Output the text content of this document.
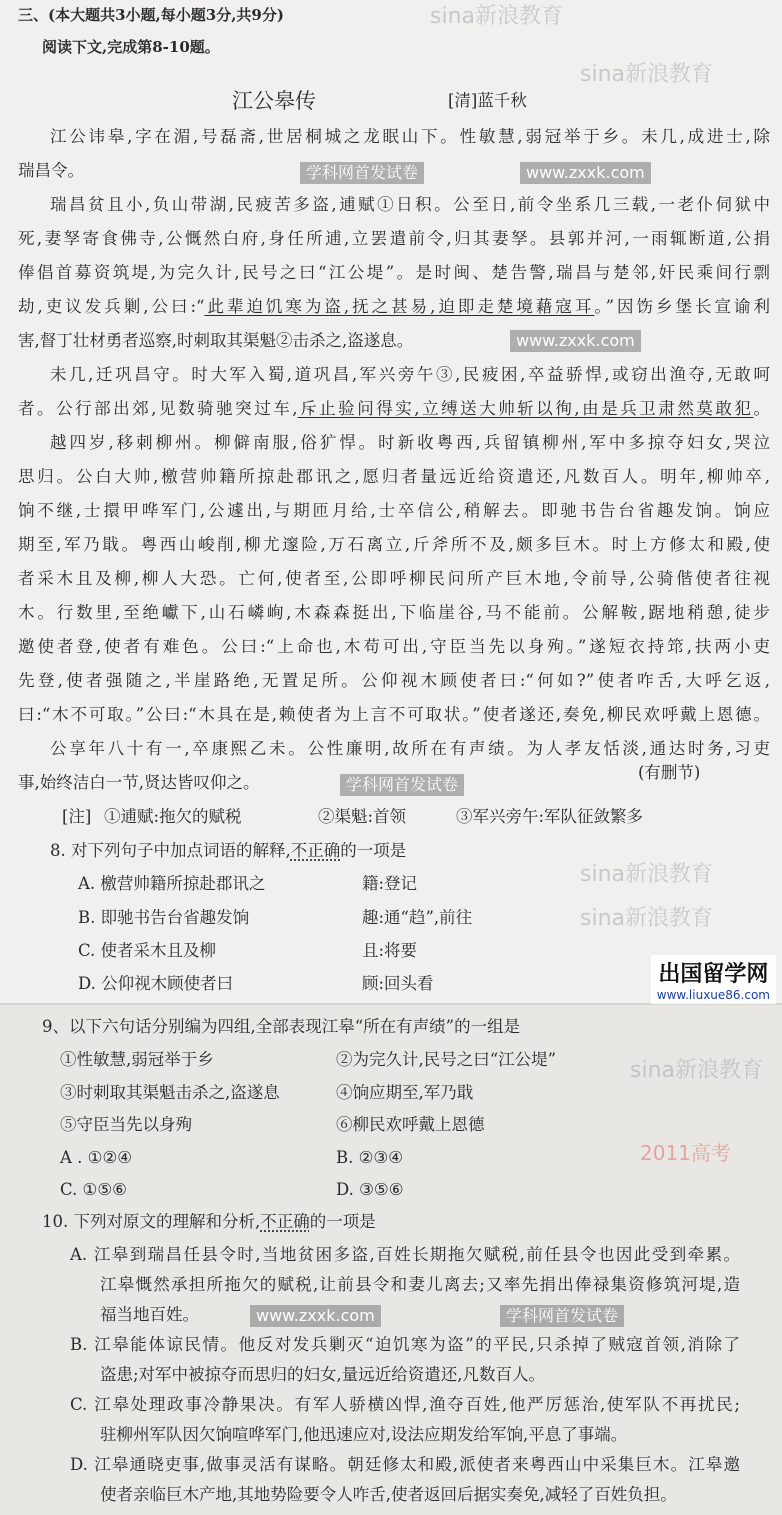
三、(本大题共3小题,每小题3分,共9分)
阅读下文,完成第8-10题。
江公皋传	[清]蓝千秋
江公讳皋,字在湄,号磊斋,世居桐城之龙眠山下。性敏慧,弱冠举于乡。未几,成进士,除
瑞昌令。
瑞昌贫且小,负山带湖,民疲苦多盗,逋赋①日积。公至日,前令坐系几三载,一老仆伺狱中
死,妻孥寄食佛寺,公慨然白府,身任所逋,立罢遣前令,归其妻孥。县郭并河,一雨辄断道,公捐
俸倡首募资筑堤,为完久计,民号之曰“江公堤”。是时闽、楚告警,瑞昌与楚邻,奸民乘间行剽
劫,吏议发兵剿,公曰:“此辈迫饥寒为盗,抚之甚易,迫即走楚境藉寇耳。”因饬乡堡长宣谕利
害,督丁壮材勇者巡察,时刺取其渠魁②击杀之,盗遂息。
未几,迁巩昌守。时大军入蜀,道巩昌,军兴旁午③,民疲困,卒益骄悍,或窃出渔夺,无敢呵
者。公行部出郊,见数骑驰突过车,斥止验问得实,立缚送大帅斩以徇,由是兵卫肃然莫敢犯。
越四岁,移刺柳州。柳僻南服,俗犷悍。时新收粤西,兵留镇柳州,军中多掠夺妇女,哭泣
思归。公白大帅,檄营帅籍所掠赴郡讯之,愿归者量远近给资遣还,凡数百人。明年,柳帅卒,
饷不继,士擐甲哗军门,公遽出,与期匝月给,士卒信公,稍解去。即驰书告台省趣发饷。饷应
期至,军乃戢。粤西山峻削,柳尤邃险,万石离立,斤斧所不及,颇多巨木。时上方修太和殿,使
者采木且及柳,柳人大恐。亡何,使者至,公即呼柳民问所产巨木地,令前导,公骑偕使者往视
木。行数里,至绝巘下,山石嶙峋,木森森挺出,下临崖谷,马不能前。公解鞍,踞地稍憩,徒步
邀使者登,使者有难色。公曰:“上命也,木苟可出,守臣当先以身殉。”遂短衣持筇,扶两小吏
先登,使者强随之,半崖路绝,无置足所。公仰视木顾使者曰:“何如?”使者咋舌,大呼乞返,
曰:“木不可取。”公曰:“木具在是,赖使者为上言不可取状。”使者遂还,奏免,柳民欢呼戴上恩德。
公享年八十有一,卒康熙乙未。公性廉明,故所在有声绩。为人孝友恬淡,通达时务,习吏
事,始终洁白一节,贤达皆叹仰之。
(有删节)
[注] ①逋赋:拖欠的赋税	②渠魁:首领	③军兴旁午:军队征敛繁多
8. 对下列句子中加点词语的解释,不正确的一项是
A. 檄营帅籍所掠赴郡讯之	籍:登记
B. 即驰书告台省趣发饷	趣:通“趋”,前往
C. 使者采木且及柳	且:将要
D. 公仰视木顾使者曰	顾:回头看
9、以下六句话分别编为四组,全部表现江皋“所在有声绩”的一组是
①性敏慧,弱冠举于乡	②为完久计,民号之曰“江公堤”
③时刺取其渠魁击杀之,盗遂息	④饷应期至,军乃戢
⑤守臣当先以身殉	⑥柳民欢呼戴上恩德
A . ①②④	B. ②③④
C. ①⑤⑥	D. ③⑤⑥
10. 下列对原文的理解和分析,不正确的一项是
A. 江皋到瑞昌任县令时,当地贫困多盗,百姓长期拖欠赋税,前任县令也因此受到牵累。
江皋慨然承担所拖欠的赋税,让前县令和妻儿离去;又率先捐出俸禄集资修筑河堤,造
福当地百姓。
B. 江皋能体谅民情。他反对发兵剿灭“迫饥寒为盗”的平民,只杀掉了贼寇首领,消除了
盗患;对军中被掠夺而思归的妇女,量远近给资遣还,凡数百人。
C. 江皋处理政事冷静果决。有军人骄横凶悍,渔夺百姓,他严厉惩治,使军队不再扰民;
驻柳州军队因欠饷喧哗军门,他迅速应对,设法应期发给军饷,平息了事端。
D. 江皋通晓吏事,做事灵活有谋略。朝廷修太和殿,派使者来粤西山中采集巨木。江皋邀
使者亲临巨木产地,其地势险要令人咋舌,使者返回后据实奏免,减轻了百姓负担。
sina新浪教育
sina新浪教育
sina新浪教育
sina新浪教育
sina新浪教育
2011高考
学科网首发试卷	www.zxxk.com
www.zxxk.com
学科网首发试卷
www.zxxk.com	学科网首发试卷
出国留学网
www.liuxue86.com
